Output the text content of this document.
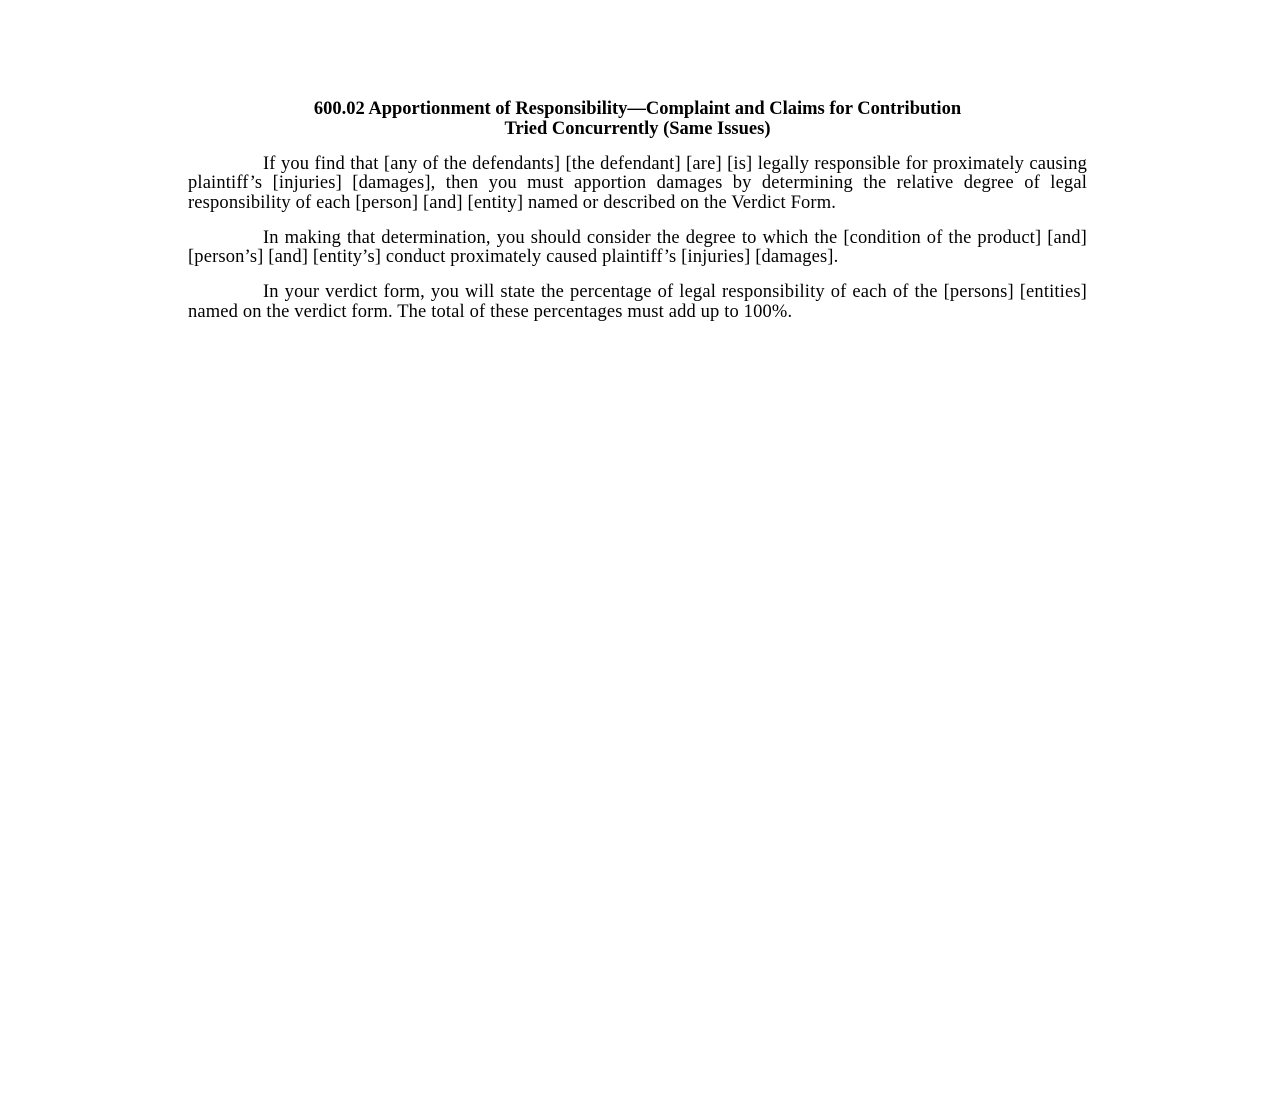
600.02 Apportionment of Responsibility—Complaint and Claims for Contribution
Tried Concurrently (Same Issues)

If you find that [any of the defendants] [the defendant] [are] [is] legally responsible for proximately causing plaintiff’s [injuries] [damages], then you must apportion damages by determining the relative degree of legal responsibility of each [person] [and] [entity] named or described on the Verdict Form.

In making that determination, you should consider the degree to which the [condition of the product] [and] [person’s] [and] [entity’s] conduct proximately caused plaintiff’s [injuries] [damages].

In your verdict form, you will state the percentage of legal responsibility of each of the [persons] [entities] named on the verdict form. The total of these percentages must add up to 100%.
